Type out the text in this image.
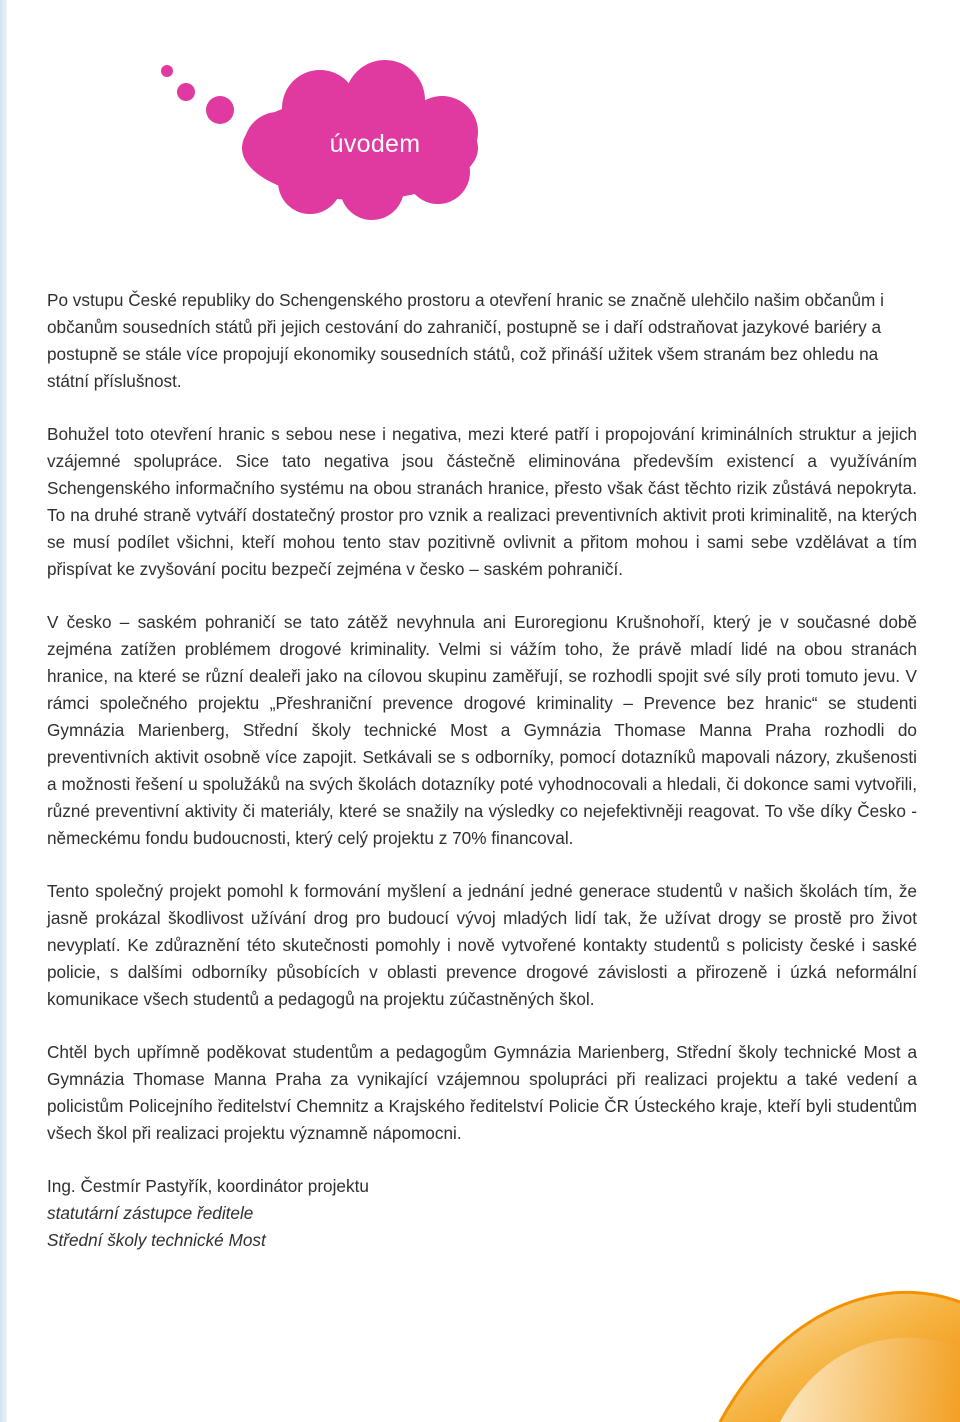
úvodem

Po vstupu České republiky do Schengenského prostoru a otevření hranic se značně ulehčilo našim občanům i občanům sousedních států při jejich cestování do zahraničí, postupně se i daří odstraňovat jazykové bariéry a postupně se stále více propojují ekonomiky sousedních států, což přináší užitek všem stranám bez ohledu na státní příslušnost.

Bohužel toto otevření hranic s sebou nese i negativa, mezi které patří i propojování kriminálních struktur a jejich vzájemné spolupráce. Sice tato negativa jsou částečně eliminována především existencí a využíváním Schengenského informačního systému na obou stranách hranice, přesto však část těchto rizik zůstává nepokryta. To na druhé straně vytváří dostatečný prostor pro vznik a realizaci preventivních aktivit proti kriminalitě, na kterých se musí podílet všichni, kteří mohou tento stav pozitivně ovlivnit a přitom mohou i sami sebe vzdělávat a tím přispívat ke zvyšování pocitu bezpečí zejména v česko – saském pohraničí.

V česko – saském pohraničí se tato zátěž nevyhnula ani Euroregionu Krušnohoří, který je v současné době zejména zatížen problémem drogové kriminality. Velmi si vážím toho, že právě mladí lidé na obou stranách hranice, na které se různí dealeři jako na cílovou skupinu zaměřují, se rozhodli spojit své síly proti tomuto jevu. V rámci společného projektu „Přeshraniční prevence drogové kriminality – Prevence bez hranic“ se studenti Gymnázia Marienberg, Střední školy technické Most a Gymnázia Thomase Manna Praha rozhodli do preventivních aktivit osobně více zapojit. Setkávali se s odborníky, pomocí dotazníků mapovali názory, zkušenosti a možnosti řešení u spolužáků na svých školách dotazníky poté vyhodnocovali a hledali, či dokonce sami vytvořili, různé preventivní aktivity či materiály, které se snažily na výsledky co nejefektivněji reagovat. To vše díky Česko - německému fondu budoucnosti, který celý projektu z 70% financoval.

Tento společný projekt pomohl k formování myšlení a jednání jedné generace studentů v našich školách tím, že jasně prokázal škodlivost užívání drog pro budoucí vývoj mladých lidí tak, že užívat drogy se prostě pro život nevyplatí. Ke zdůraznění této skutečnosti pomohly i nově vytvořené kontakty studentů s policisty české i saské policie, s dalšími odborníky působících v oblasti prevence drogové závislosti a přirozeně i úzká neformální komunikace všech studentů a pedagogů na projektu zúčastněných škol.

Chtěl bych upřímně poděkovat studentům a pedagogům Gymnázia Marienberg, Střední školy technické Most a Gymnázia Thomase Manna Praha za vynikající vzájemnou spolupráci při realizaci projektu a také vedení a policistům Policejního ředitelství Chemnitz a Krajského ředitelství Policie ČR Ústeckého kraje, kteří byli studentům všech škol při realizaci projektu významně nápomocni.

Ing. Čestmír Pastyřík, koordinátor projektu
statutární zástupce ředitele
Střední školy technické Most
